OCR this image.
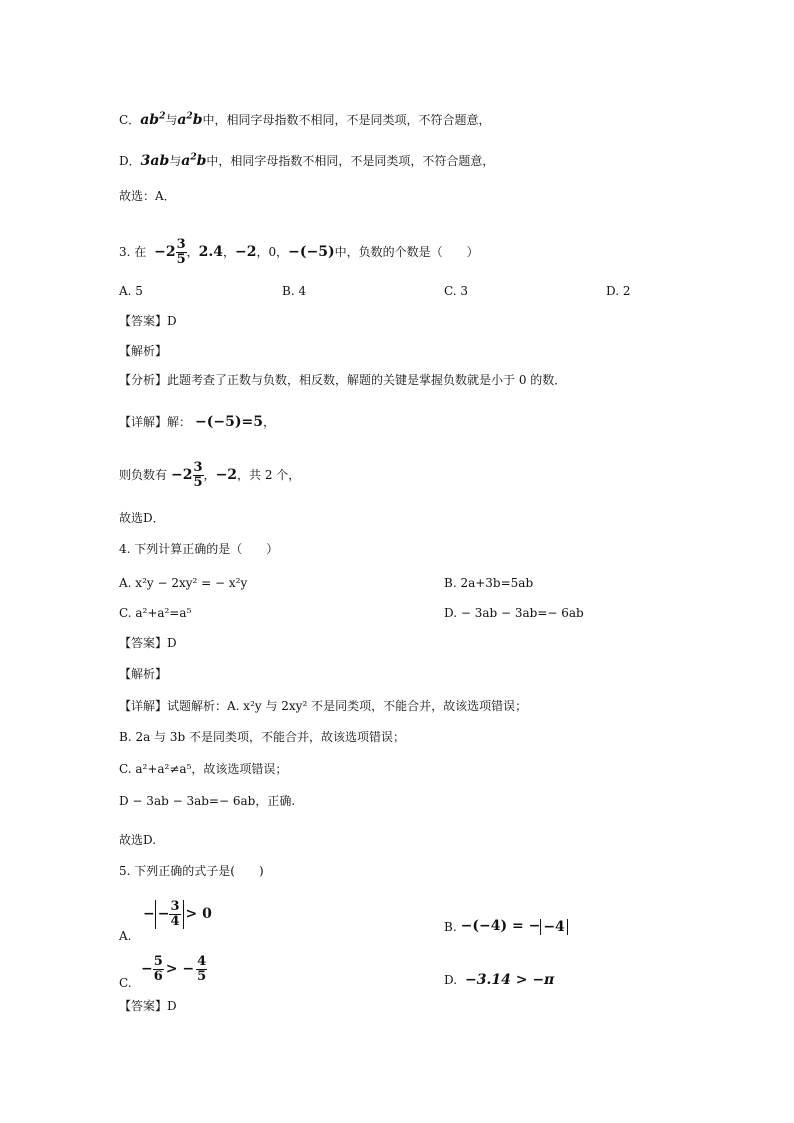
C．$ab^2$与$a^2b$中，相同字母指数不相同，不是同类项，不符合题意，
D．3ab与$a^2b$中，相同字母指数不相同，不是同类项，不符合题意，
故选：A．
3. 在 $-2 \frac{3}{5}$ ，2.4，−2，0，−(−5)中，负数的个数是（　　）
A. 5	B. 4	C. 3	D. 2
【答案】D
【解析】
【分析】此题考查了正数与负数，相反数，解题的关键是掌握负数就是小于 0 的数．
【详解】解： −(−5)=5，
则负数有 $-2 \frac{3}{5}$ ，−2，共 2 个，
故选D．
4. 下列计算正确的是（　　）
A. x²y − 2xy² = − x²y	B. 2a+3b=5ab
C. a²+a²=a⁵	D. − 3ab − 3ab=− 6ab
【答案】D
【解析】
【详解】试题解析：A. x²y 与 2xy² 不是同类项，不能合并，故该选项错误；
B. 2a 与 3b 不是同类项，不能合并，故该选项错误；
C. a²+a²≠a⁵，故该选项错误；
D − 3ab − 3ab=− 6ab，正确.
故选D.
5. 下列正确的式子是(　　)
A.
− − $\frac{3}{4} > 0$
B. −(−4) = − −4
C.
− $\frac{5}{6}$ > − $\frac{4}{5}$	D. −3.14 > −π
【答案】D
